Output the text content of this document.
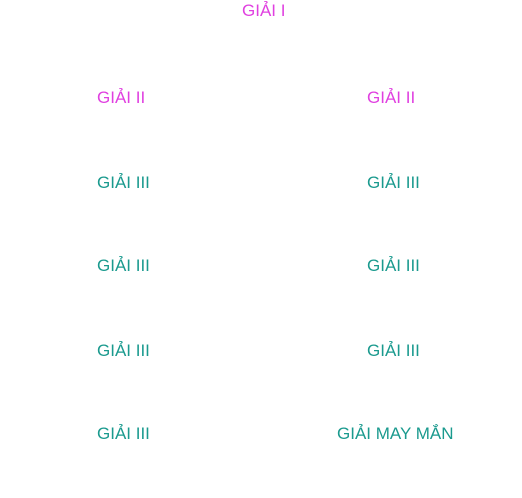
GIẢI I
GIẢI II	GIẢI II
GIẢI III	GIẢI III
GIẢI III	GIẢI III
GIẢI III	GIẢI III
GIẢI III	GIẢI MAY MẮN
